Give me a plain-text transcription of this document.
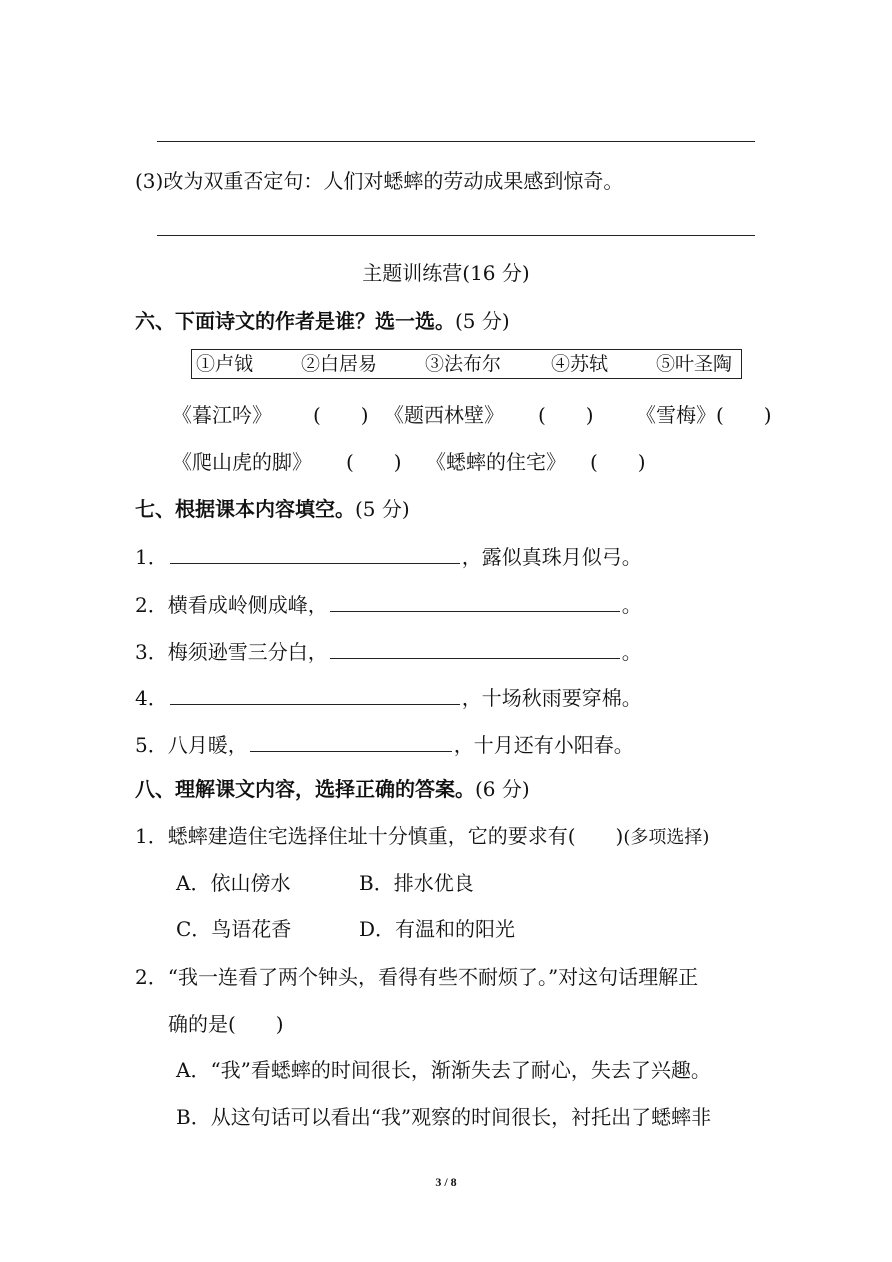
(3)改为双重否定句：人们对蟋蟀的劳动成果感到惊奇。
主题训练营(16 分)
六、下面诗文的作者是谁？选一选。(5 分)
①卢钺	②白居易	③法布尔	④苏轼	⑤叶圣陶
《暮江吟》 (　　) 《题西林壁》 (　　) 《雪梅》(　　)
《爬山虎的脚》 (　　) 《蟋蟀的住宅》 (　　)
七、根据课本内容填空。(5 分)
1．	，露似真珠月似弓。
2．横看成岭侧成峰，	。
3．梅须逊雪三分白，	。
4．	，十场秋雨要穿棉。
5．八月暖，	，十月还有小阳春。
八、理解课文内容，选择正确的答案。(6 分)
1．蟋蟀建造住宅选择住址十分慎重，它的要求有(　　)(多项选择)
A．依山傍水	B．排水优良
C．鸟语花香	D．有温和的阳光
2．“我一连看了两个钟头，看得有些不耐烦了。”对这句话理解正
确的是(　　)
A．“我”看蟋蟀的时间很长，渐渐失去了耐心，失去了兴趣。
B．从这句话可以看出“我”观察的时间很长，衬托出了蟋蟀非
3 / 8
